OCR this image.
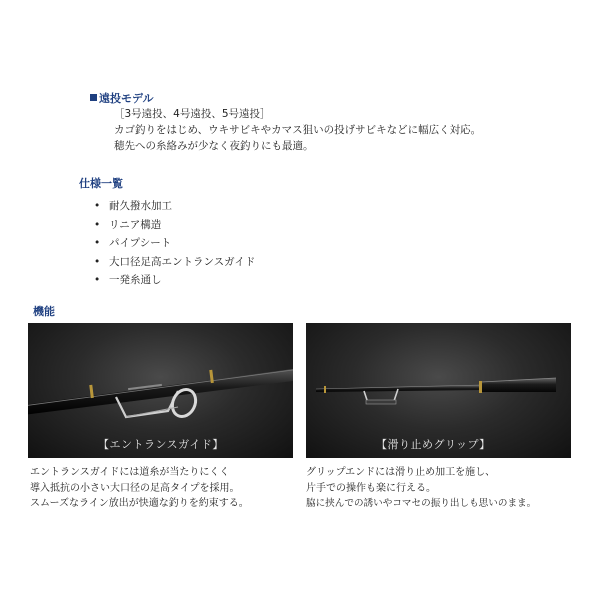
遠投モデル
［3号遠投、4号遠投、5号遠投］
カゴ釣りをはじめ、ウキサビキやカマス狙いの投げサビキなどに幅広く対応。
穂先への糸絡みが少なく夜釣りにも最適。
仕様一覧
• 耐久撥水加工
• リニア構造
• パイプシート
• 大口径足高エントランスガイド
• 一発糸通し
機能
【エントランスガイド】	【滑り止めグリップ】
エントランスガイドには道糸が当たりにくく
導入抵抗の小さい大口径の足高タイプを採用。
スムーズなライン放出が快適な釣りを約束する。
グリップエンドには滑り止め加工を施し、
片手での操作も楽に行える。
脇に挟んでの誘いやコマセの振り出しも思いのまま。
